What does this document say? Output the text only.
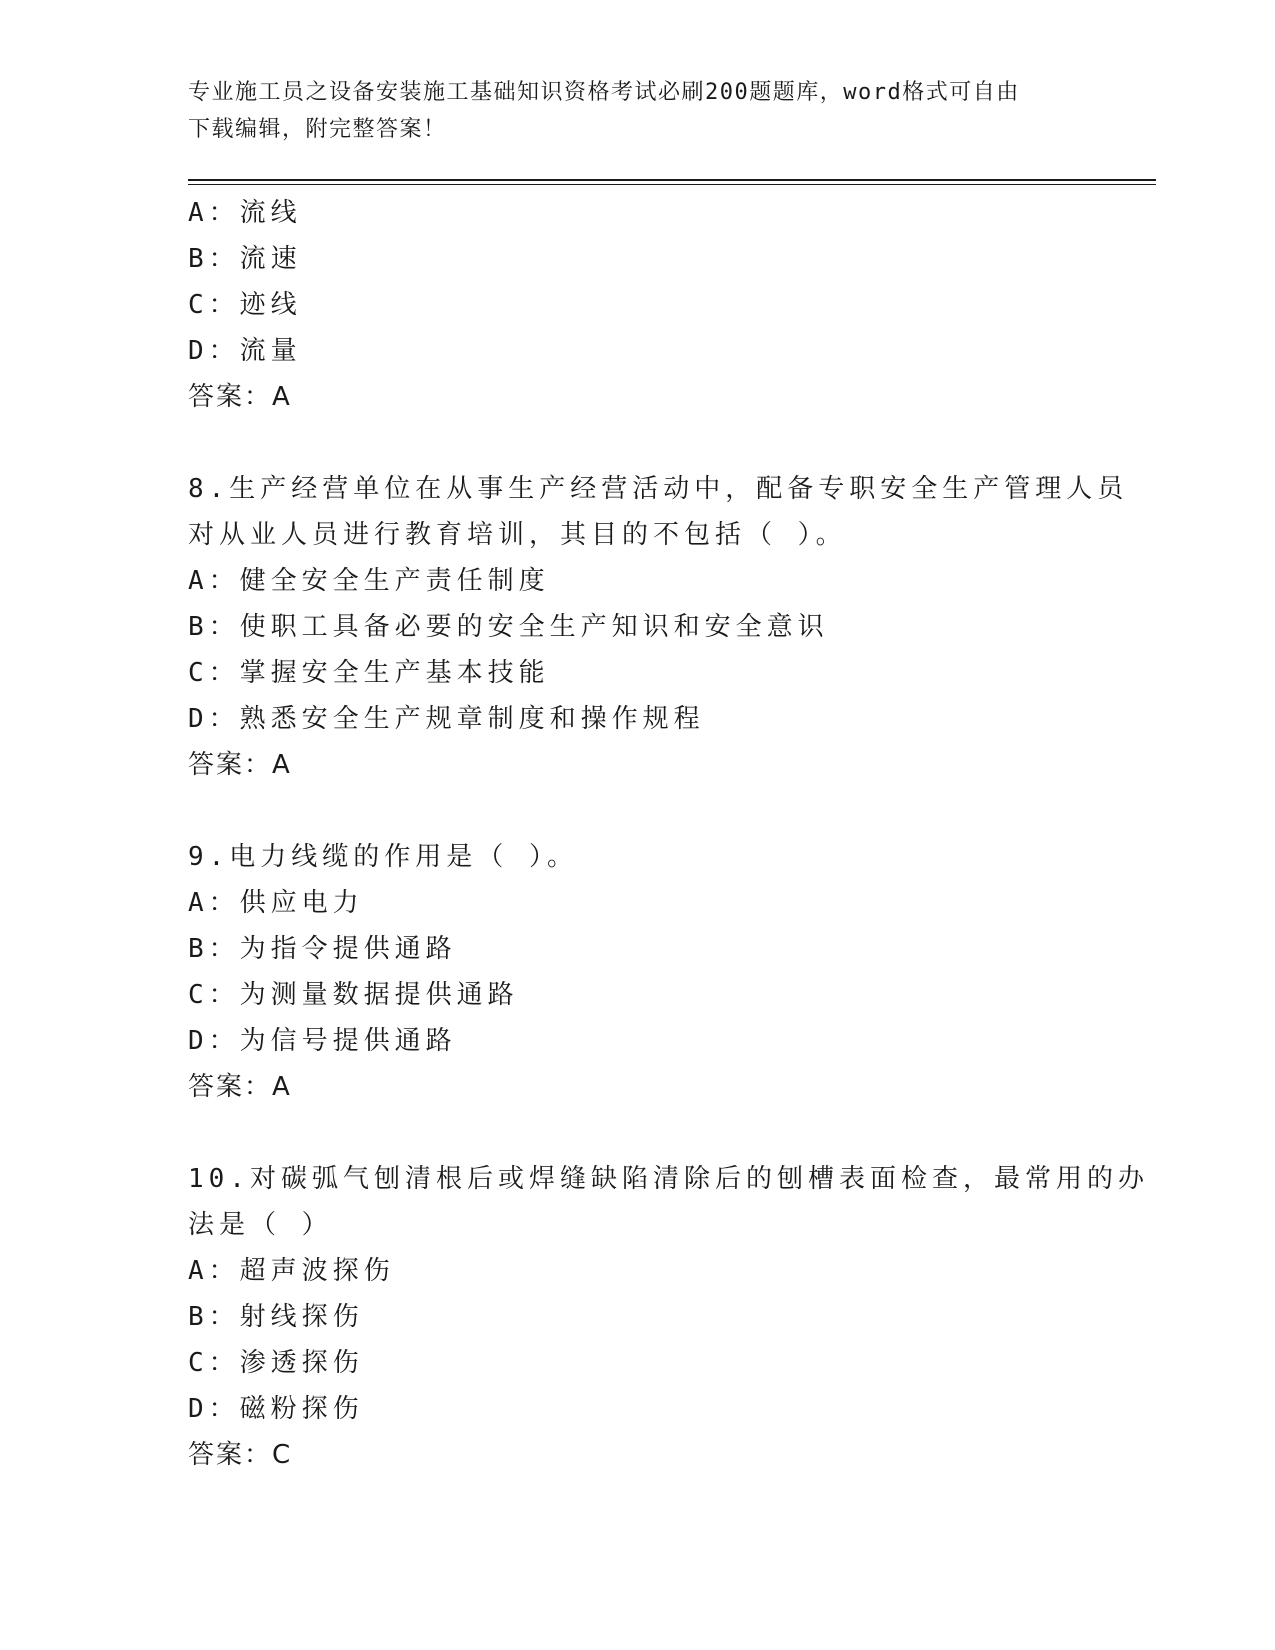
专业施工员之设备安装施工基础知识资格考试必刷200题题库，word格式可自由
下载编辑，附完整答案！
A：流线
B：流速
C：迹线
D：流量
答案：A
8.生产经营单位在从事生产经营活动中，配备专职安全生产管理人员
对从业人员进行教育培训，其目的不包括（ ）。
A：健全安全生产责任制度
B：使职工具备必要的安全生产知识和安全意识
C：掌握安全生产基本技能
D：熟悉安全生产规章制度和操作规程
答案：A
9.电力线缆的作用是（ ）。
A：供应电力
B：为指令提供通路
C：为测量数据提供通路
D：为信号提供通路
答案：A
10.对碳弧气刨清根后或焊缝缺陷清除后的刨槽表面检查，最常用的办
法是（ ）
A：超声波探伤
B：射线探伤
C：渗透探伤
D：磁粉探伤
答案：C
